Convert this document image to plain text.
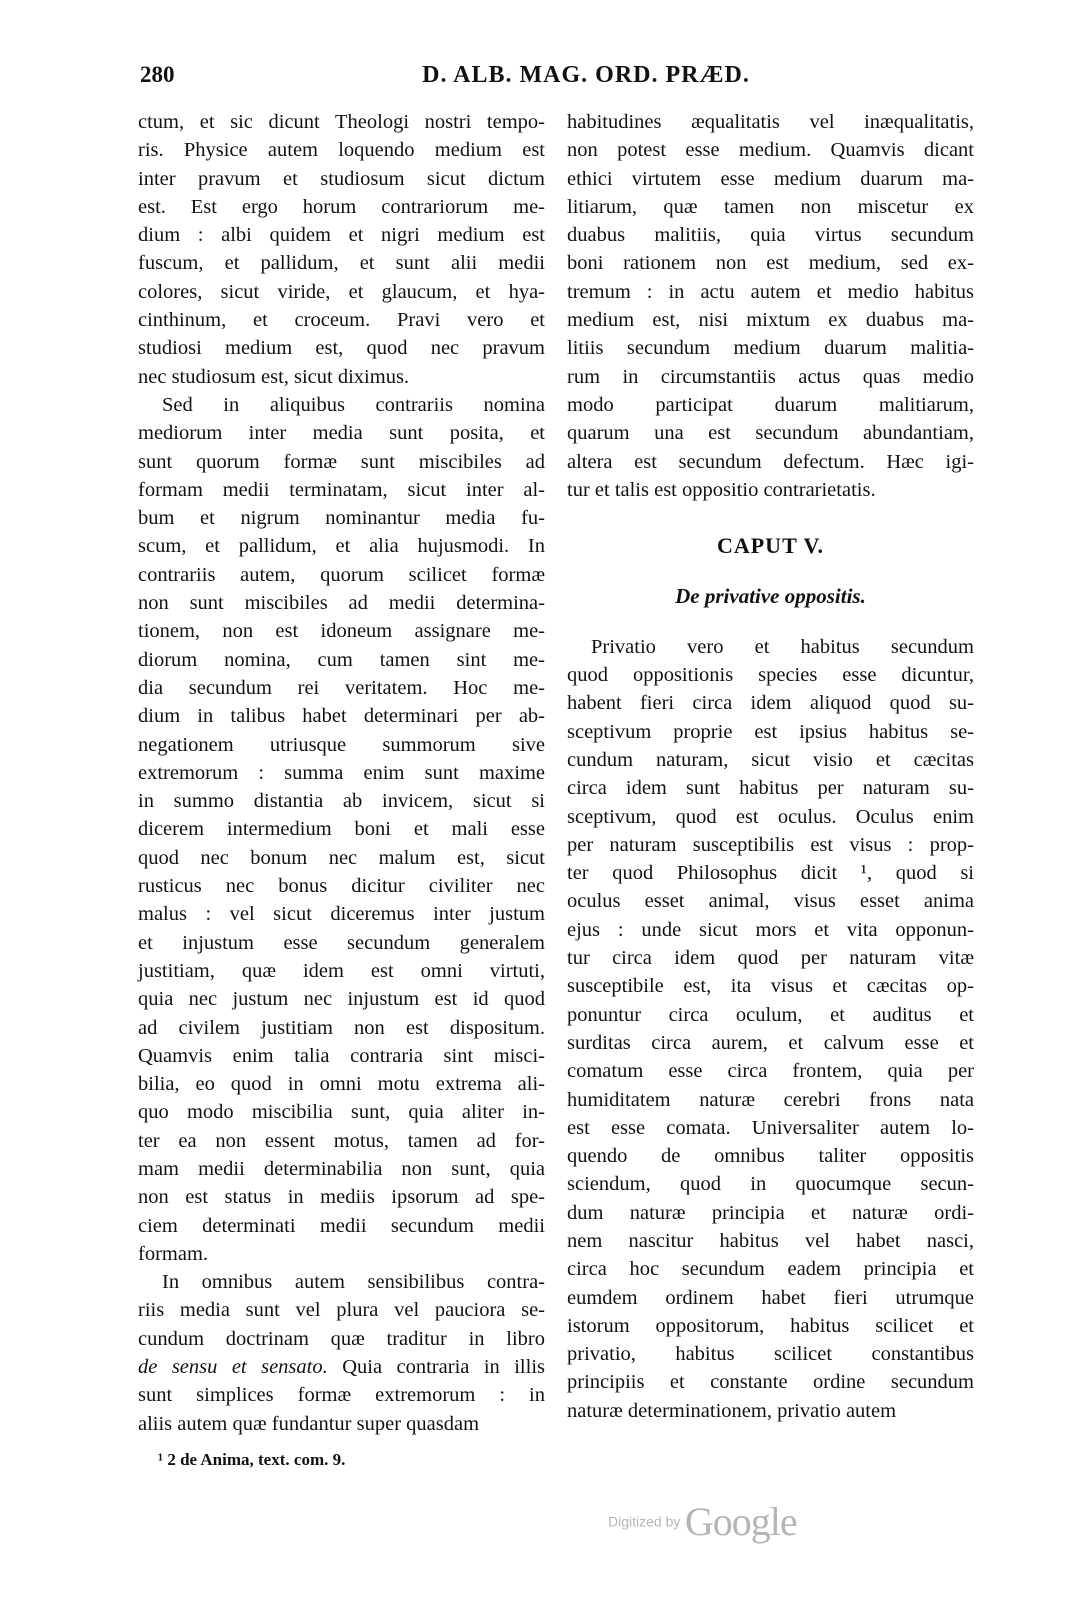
280	D. ALB. MAG. ORD. PRÆD.
ctum, et sic dicunt Theologi nostri tempo-
ris. Physice autem loquendo medium est
inter pravum et studiosum sicut dictum
est. Est ergo horum contrariorum me-
dium : albi quidem et nigri medium est
fuscum, et pallidum, et sunt alii medii
colores, sicut viride, et glaucum, et hya-
cinthinum, et croceum. Pravi vero et
studiosi medium est, quod nec pravum
nec studiosum est, sicut diximus.
Sed in aliquibus contrariis nomina
mediorum inter media sunt posita, et
sunt quorum formæ sunt miscibiles ad
formam medii terminatam, sicut inter al-
bum et nigrum nominantur media fu-
scum, et pallidum, et alia hujusmodi. In
contrariis autem, quorum scilicet formæ
non sunt miscibiles ad medii determina-
tionem, non est idoneum assignare me-
diorum nomina, cum tamen sint me-
dia secundum rei veritatem. Hoc me-
dium in talibus habet determinari per ab-
negationem utriusque summorum sive
extremorum : summa enim sunt maxime
in summo distantia ab invicem, sicut si
dicerem intermedium boni et mali esse
quod nec bonum nec malum est, sicut
rusticus nec bonus dicitur civiliter nec
malus : vel sicut diceremus inter justum
et injustum esse secundum generalem
justitiam, quæ idem est omni virtuti,
quia nec justum nec injustum est id quod
ad civilem justitiam non est dispositum.
Quamvis enim talia contraria sint misci-
bilia, eo quod in omni motu extrema ali-
quo modo miscibilia sunt, quia aliter in-
ter ea non essent motus, tamen ad for-
mam medii determinabilia non sunt, quia
non est status in mediis ipsorum ad spe-
ciem determinati medii secundum medii
formam.
In omnibus autem sensibilibus contra-
riis media sunt vel plura vel pauciora se-
cundum doctrinam quæ traditur in libro
de sensu et sensato. Quia contraria in illis
sunt simplices formæ extremorum : in
aliis autem quæ fundantur super quasdam
habitudines æqualitatis vel inæqualitatis,
non potest esse medium. Quamvis dicant
ethici virtutem esse medium duarum ma-
litiarum, quæ tamen non miscetur ex
duabus malitiis, quia virtus secundum
boni rationem non est medium, sed ex-
tremum : in actu autem et medio habitus
medium est, nisi mixtum ex duabus ma-
litiis secundum medium duarum malitia-
rum in circumstantiis actus quas medio
modo participat duarum malitiarum,
quarum una est secundum abundantiam,
altera est secundum defectum. Hæc igi-
tur et talis est oppositio contrarietatis.
CAPUT V.
De privative oppositis.
Privatio vero et habitus secundum
quod oppositionis species esse dicuntur,
habent fieri circa idem aliquod quod su-
sceptivum proprie est ipsius habitus se-
cundum naturam, sicut visio et cæcitas
circa idem sunt habitus per naturam su-
sceptivum, quod est oculus. Oculus enim
per naturam susceptibilis est visus : prop-
ter quod Philosophus dicit ¹, quod si
oculus esset animal, visus esset anima
ejus : unde sicut mors et vita opponun-
tur circa idem quod per naturam vitæ
susceptibile est, ita visus et cæcitas op-
ponuntur circa oculum, et auditus et
surditas circa aurem, et calvum esse et
comatum esse circa frontem, quia per
humiditatem naturæ cerebri frons nata
est esse comata. Universaliter autem lo-
quendo de omnibus taliter oppositis
sciendum, quod in quocumque secun-
dum naturæ principia et naturæ ordi-
nem nascitur habitus vel habet nasci,
circa hoc secundum eadem principia et
eumdem ordinem habet fieri utrumque
istorum oppositorum, habitus scilicet et
privatio, habitus scilicet constantibus
principiis et constante ordine secundum
naturæ determinationem, privatio autem
¹ 2 de Anima, text. com. 9.
Digitized by Google
